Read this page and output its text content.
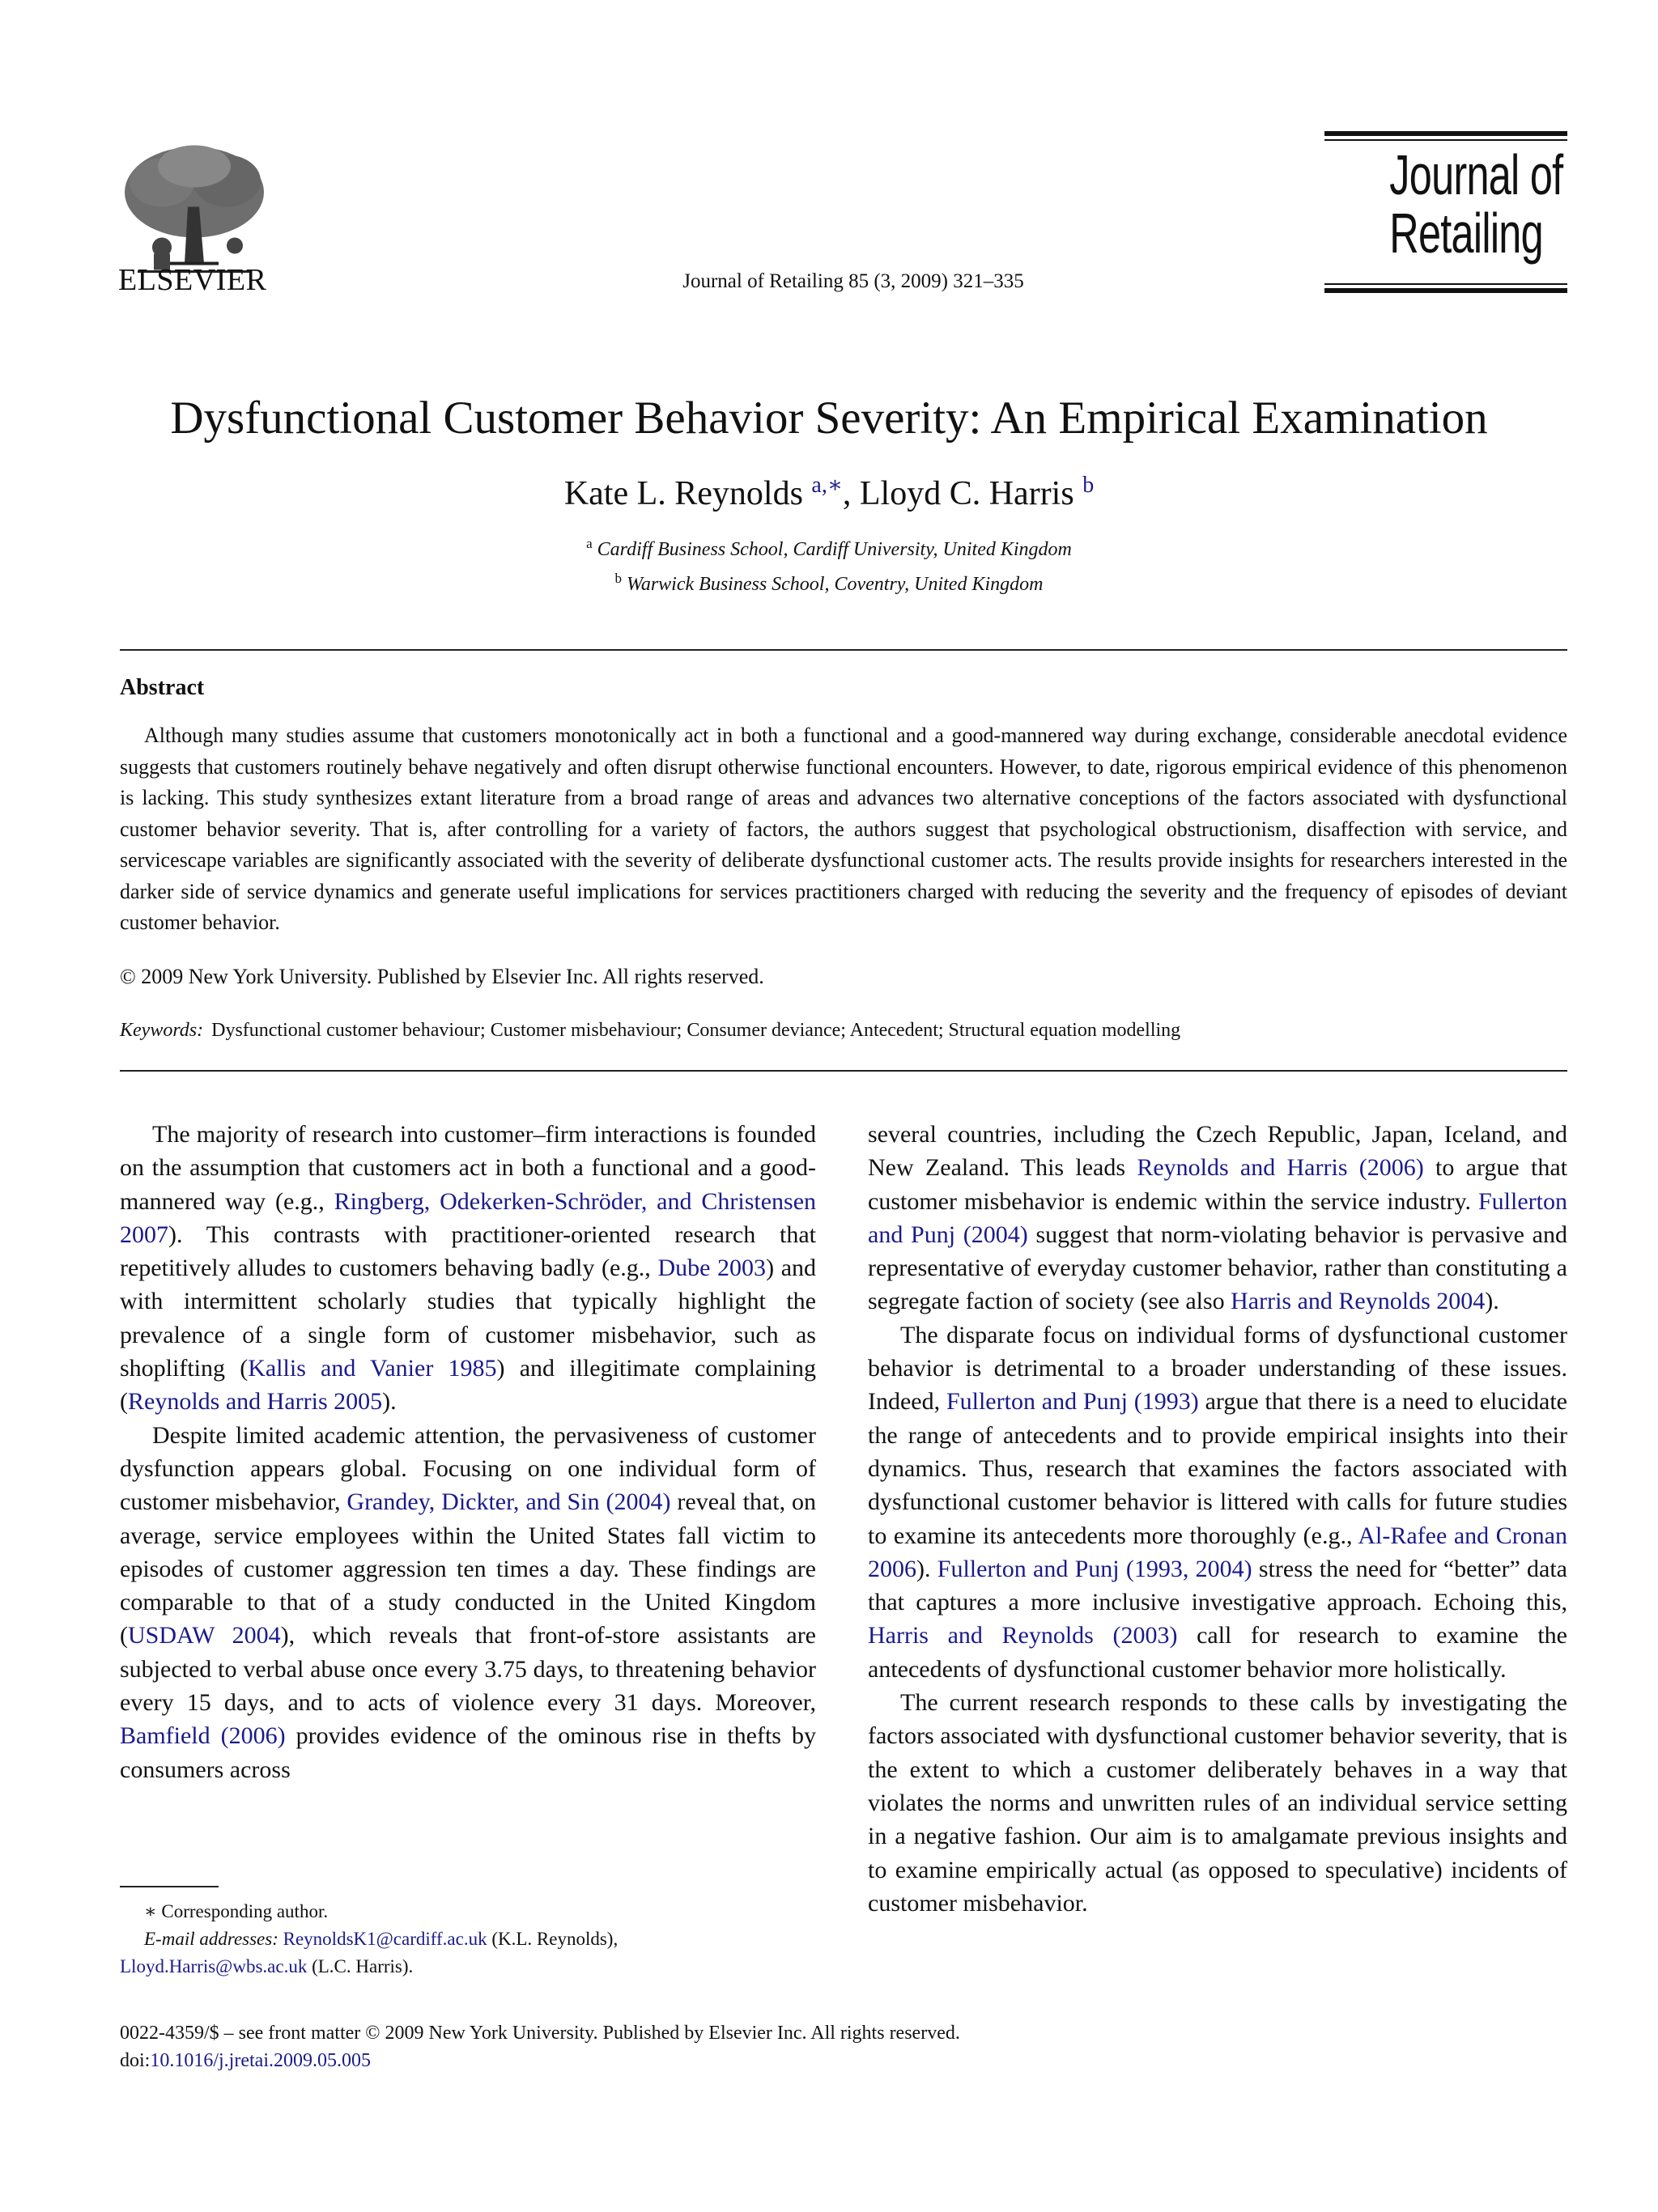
ELSEVIER	Journal of Retailing 85 (3, 2009) 321–335
Journal of
Retailing
Dysfunctional Customer Behavior Severity: An Empirical Examination
Kate L. Reynolds $^{a,∗}$, Lloyd C. Harris $^b$
$^a$ Cardiff Business School, Cardiff University, United Kingdom
$^b$ Warwick Business School, Coventry, United Kingdom
Abstract
Although many studies assume that customers monotonically act in both a functional and a good-mannered way during exchange, considerable anecdotal evidence suggests that customers routinely behave negatively and often disrupt otherwise functional encounters. However, to date, rigorous empirical evidence of this phenomenon is lacking. This study synthesizes extant literature from a broad range of areas and advances two alternative conceptions of the factors associated with dysfunctional customer behavior severity. That is, after controlling for a variety of factors, the authors suggest that psychological obstructionism, disaffection with service, and servicescape variables are significantly associated with the severity of deliberate dysfunctional customer acts. The results provide insights for researchers interested in the darker side of service dynamics and generate useful implications for services practitioners charged with reducing the severity and the frequency of episodes of deviant customer behavior.
© 2009 New York University. Published by Elsevier Inc. All rights reserved.
Keywords: Dysfunctional customer behaviour; Customer misbehaviour; Consumer deviance; Antecedent; Structural equation modelling

The majority of research into customer–firm interactions is founded on the assumption that customers act in both a functional and a good-mannered way (e.g., Ringberg, Odekerken-Schröder, and Christensen 2007). This contrasts with practitioner-oriented research that repetitively alludes to customers behaving badly (e.g., Dube 2003) and with intermittent scholarly studies that typically highlight the prevalence of a single form of customer misbehavior, such as shoplifting (Kallis and Vanier 1985) and illegitimate complaining (Reynolds and Harris 2005).

Despite limited academic attention, the pervasiveness of customer dysfunction appears global. Focusing on one individual form of customer misbehavior, Grandey, Dickter, and Sin (2004) reveal that, on average, service employees within the United States fall victim to episodes of customer aggression ten times a day. These findings are comparable to that of a study conducted in the United Kingdom (USDAW 2004), which reveals that front-of-store assistants are subjected to verbal abuse once every 3.75 days, to threatening behavior every 15 days, and to acts of violence every 31 days. Moreover, Bamfield (2006) provides evidence of the ominous rise in thefts by consumers across

several countries, including the Czech Republic, Japan, Iceland, and New Zealand. This leads Reynolds and Harris (2006) to argue that customer misbehavior is endemic within the service industry. Fullerton and Punj (2004) suggest that norm-violating behavior is pervasive and representative of everyday customer behavior, rather than constituting a segregate faction of society (see also Harris and Reynolds 2004).

The disparate focus on individual forms of dysfunctional customer behavior is detrimental to a broader understanding of these issues. Indeed, Fullerton and Punj (1993) argue that there is a need to elucidate the range of antecedents and to provide empirical insights into their dynamics. Thus, research that examines the factors associated with dysfunctional customer behavior is littered with calls for future studies to examine its antecedents more thoroughly (e.g., Al-Rafee and Cronan 2006). Fullerton and Punj (1993, 2004) stress the need for “better” data that captures a more inclusive investigative approach. Echoing this, Harris and Reynolds (2003) call for research to examine the antecedents of dysfunctional customer behavior more holistically.

The current research responds to these calls by investigating the factors associated with dysfunctional customer behavior severity, that is the extent to which a customer deliberately behaves in a way that violates the norms and unwritten rules of an individual service setting in a negative fashion. Our aim is to amalgamate previous insights and to examine empirically actual (as opposed to speculative) incidents of customer misbehavior.

∗ Corresponding author.
E-mail addresses: ReynoldsK1@cardiff.ac.uk (K.L. Reynolds),
Lloyd.Harris@wbs.ac.uk (L.C. Harris).
0022-4359/$ – see front matter © 2009 New York University. Published by Elsevier Inc. All rights reserved.
doi:10.1016/j.jretai.2009.05.005
